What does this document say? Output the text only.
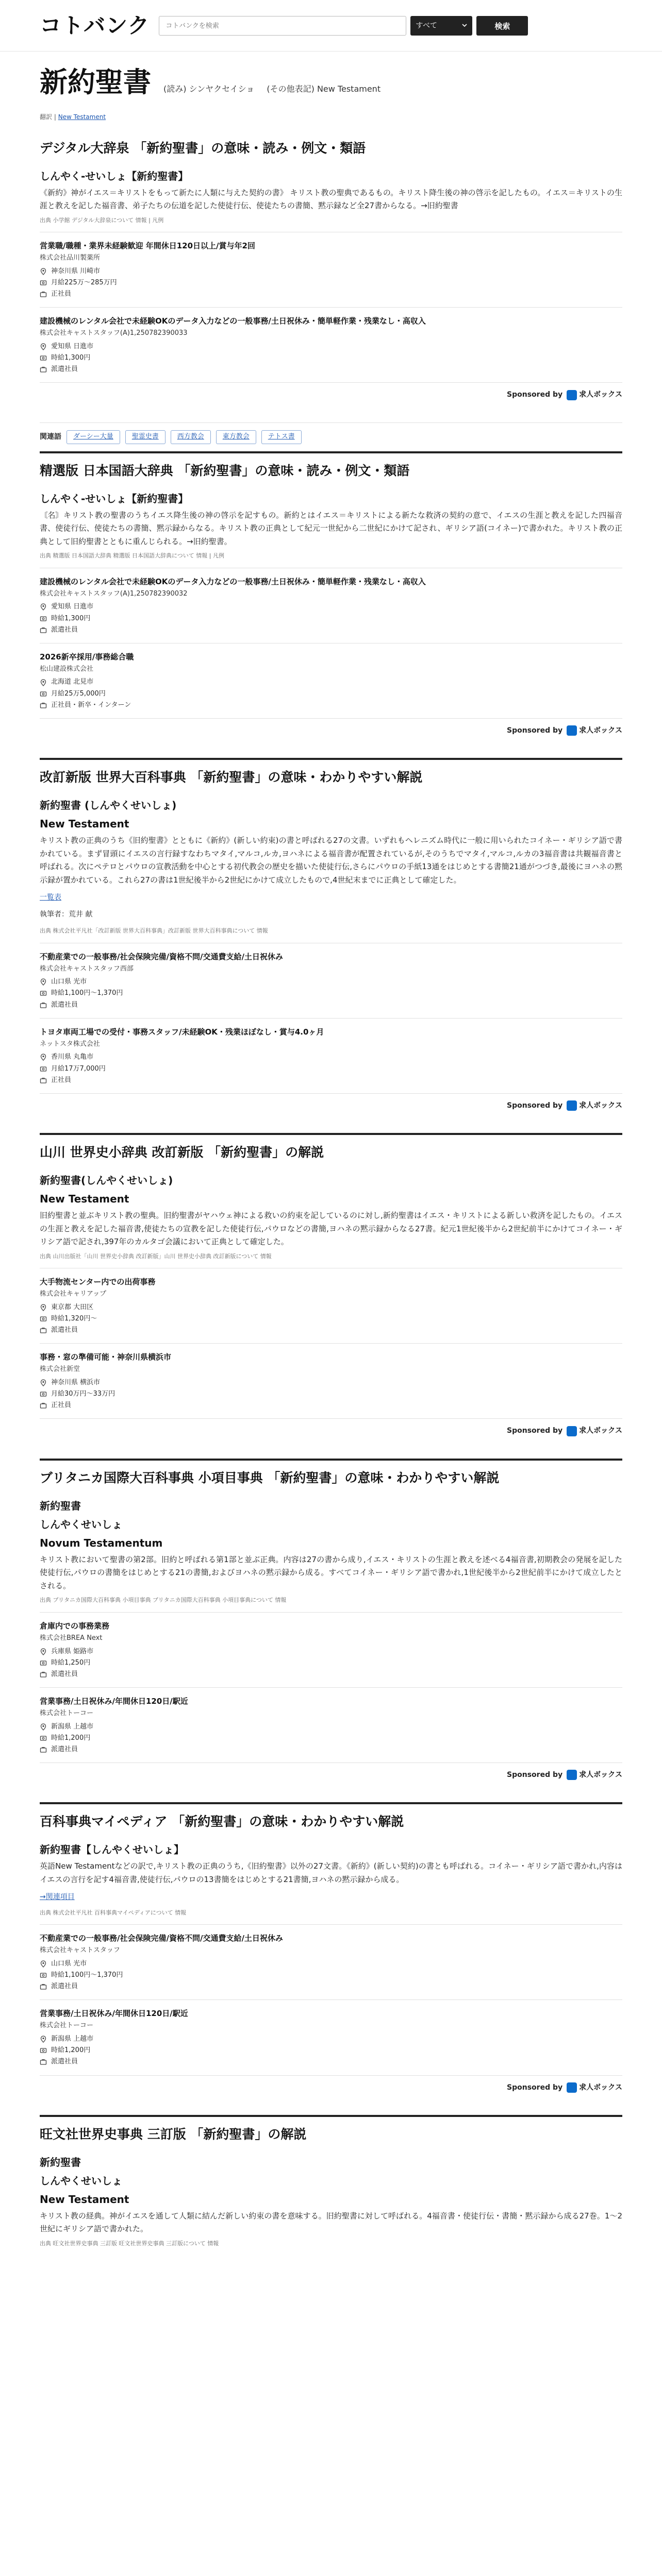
コトバンク
コトバンクを検索	すべて	検索
新約聖書 (読み) シンヤクセイショ (その他表記) New Testament
翻訳 | New Testament
デジタル大辞泉 「新約聖書」の意味・読み・例文・類語
しんやく‐せいしょ【新約聖書】

《新約》神がイエス＝キリストをもって新たに人類に与えた契約の書》 キリスト教の聖典であるもの。キリスト降生後の神の啓示を記したもの。イエス＝キリストの生涯と教えを記した福音書、弟子たちの伝道を記した使徒行伝、使徒たちの書簡、黙示録など全27書からなる。→旧約聖書

出典 小学館 デジタル大辞泉について 情報 | 凡例
営業職/職種・業界未経験歓迎 年間休日120日以上/賞与年2回
株式会社品川製薬所
神奈川県 川崎市
月給225万〜285万円
正社員
建設機械のレンタル会社で未経験OKのデータ入力などの一般事務/土日祝休み・簡単軽作業・残業なし・高収入
株式会社キャストスタッフ(A)1,250782390033
愛知県 日進市
時給1,300円
派遣社員
Sponsored by 求人ボックス
関連語	ダーシー大量	聖霊史書	西方教会	東方教会	テトス書
精選版 日本国語大辞典 「新約聖書」の意味・読み・例文・類語
しんやく‐せいしょ【新約聖書】

〘名〙キリスト教の聖書のうちイエス降生後の神の啓示を記すもの。新約とはイエス＝キリストによる新たな救済の契約の意で、イエスの生涯と教えを記した四福音書、使徒行伝、使徒たちの書簡、黙示録からなる。キリスト教の正典として紀元一世紀から二世紀にかけて記され、ギリシア語(コイネー)で書かれた。キリスト教の正典として旧約聖書とともに重んじられる。→旧約聖書。

出典 精選版 日本国語大辞典 精選版 日本国語大辞典について 情報 | 凡例
建設機械のレンタル会社で未経験OKのデータ入力などの一般事務/土日祝休み・簡単軽作業・残業なし・高収入
株式会社キャストスタッフ(A)1,250782390032
愛知県 日進市
時給1,300円
派遣社員
2026新卒採用/事務総合職
松山建設株式会社
北海道 北見市
月給25万5,000円
正社員・新卒・インターン
Sponsored by 求人ボックス
改訂新版 世界大百科事典 「新約聖書」の意味・わかりやすい解説
新約聖書 (しんやくせいしょ)
New Testament

キリスト教の正典のうち《旧約聖書》とともに《新約》(新しい約束)の書と呼ばれる27の文書。いずれもヘレニズム時代に一般に用いられたコイネー・ギリシア語で書かれている。まず冒頭にイエスの言行録すなわちマタイ,マルコ,ルカ,ヨハネによる福音書が配置されているが,そのうちでマタイ,マルコ,ルカの3福音書は共観福音書と呼ばれる。次にペテロとパウロの宣教活動を中心とする初代教会の歴史を描いた使徒行伝,さらにパウロの手紙13通をはじめとする書簡21通がつづき,最後にヨハネの黙示録が置かれている。これら27の書は1世紀後半から2世紀にかけて成立したもので,4世紀末までに正典として確定した。

一覧表
執筆者：荒井 献
出典 株式会社平凡社「改訂新版 世界大百科事典」改訂新版 世界大百科事典について 情報
不動産業での一般事務/社会保険完備/資格不問/交通費支給/土日祝休み
株式会社キャストスタッフ西部
山口県 光市
時給1,100円〜1,370円
派遣社員
トヨタ車両工場での受付・事務スタッフ/未経験OK・残業ほぼなし・賞与4.0ヶ月
ネットスタ株式会社
香川県 丸亀市
月給17万7,000円
正社員
Sponsored by 求人ボックス
山川 世界史小辞典 改訂新版 「新約聖書」の解説
新約聖書(しんやくせいしょ)
New Testament

旧約聖書と並ぶキリスト教の聖典。旧約聖書がヤハウェ神による救いの約束を記しているのに対し,新約聖書はイエス・キリストによる新しい救済を記したもの。イエスの生涯と教えを記した福音書,使徒たちの宣教を記した使徒行伝,パウロなどの書簡,ヨハネの黙示録からなる27書。紀元1世紀後半から2世紀前半にかけてコイネー・ギリシア語で記され,397年のカルタゴ会議において正典として確定した。

出典 山川出版社「山川 世界史小辞典 改訂新版」山川 世界史小辞典 改訂新版について 情報
大手物流センター内での出荷事務
株式会社キャリアップ
東京都 大田区
時給1,320円〜
派遣社員
事務・窓の準備可能・神奈川県横浜市
株式会社新堂
神奈川県 横浜市
月給30万円〜33万円
正社員
Sponsored by 求人ボックス
ブリタニカ国際大百科事典 小項目事典 「新約聖書」の意味・わかりやすい解説
新約聖書
しんやくせいしょ
Novum Testamentum

キリスト教において聖書の第2部。旧約と呼ばれる第1部と並ぶ正典。内容は27の書から成り,イエス・キリストの生涯と教えを述べる4福音書,初期教会の発展を記した使徒行伝,パウロの書簡をはじめとする21の書簡,およびヨハネの黙示録から成る。すべてコイネー・ギリシア語で書かれ,1世紀後半から2世紀前半にかけて成立したとされる。

出典 ブリタニカ国際大百科事典 小項目事典 ブリタニカ国際大百科事典 小項目事典について 情報
倉庫内での事務業務
株式会社BREA Next
兵庫県 姫路市
時給1,250円
派遣社員
営業事務/土日祝休み/年間休日120日/駅近
株式会社トーコー
新潟県 上越市
時給1,200円
派遣社員
Sponsored by 求人ボックス
百科事典マイペディア 「新約聖書」の意味・わかりやすい解説
新約聖書【しんやくせいしょ】

英語New Testamentなどの訳で,キリスト教の正典のうち,《旧約聖書》以外の27文書。《新約》(新しい契約)の書とも呼ばれる。コイネー・ギリシア語で書かれ,内容はイエスの言行を記す4福音書,使徒行伝,パウロの13書簡をはじめとする21書簡,ヨハネの黙示録から成る。

→関連項目
出典 株式会社平凡社 百科事典マイペディアについて 情報
不動産業での一般事務/社会保険完備/資格不問/交通費支給/土日祝休み
株式会社キャストスタッフ
山口県 光市
時給1,100円〜1,370円
派遣社員
営業事務/土日祝休み/年間休日120日/駅近
株式会社トーコー
新潟県 上越市
時給1,200円
派遣社員
Sponsored by 求人ボックス
旺文社世界史事典 三訂版 「新約聖書」の解説
新約聖書
しんやくせいしょ
New Testament

キリスト教の経典。神がイエスを通して人類に結んだ新しい約束の書を意味する。旧約聖書に対して呼ばれる。4福音書・使徒行伝・書簡・黙示録から成る27巻。1〜2世紀にギリシア語で書かれた。

出典 旺文社世界史事典 三訂版 旺文社世界史事典 三訂版について 情報
